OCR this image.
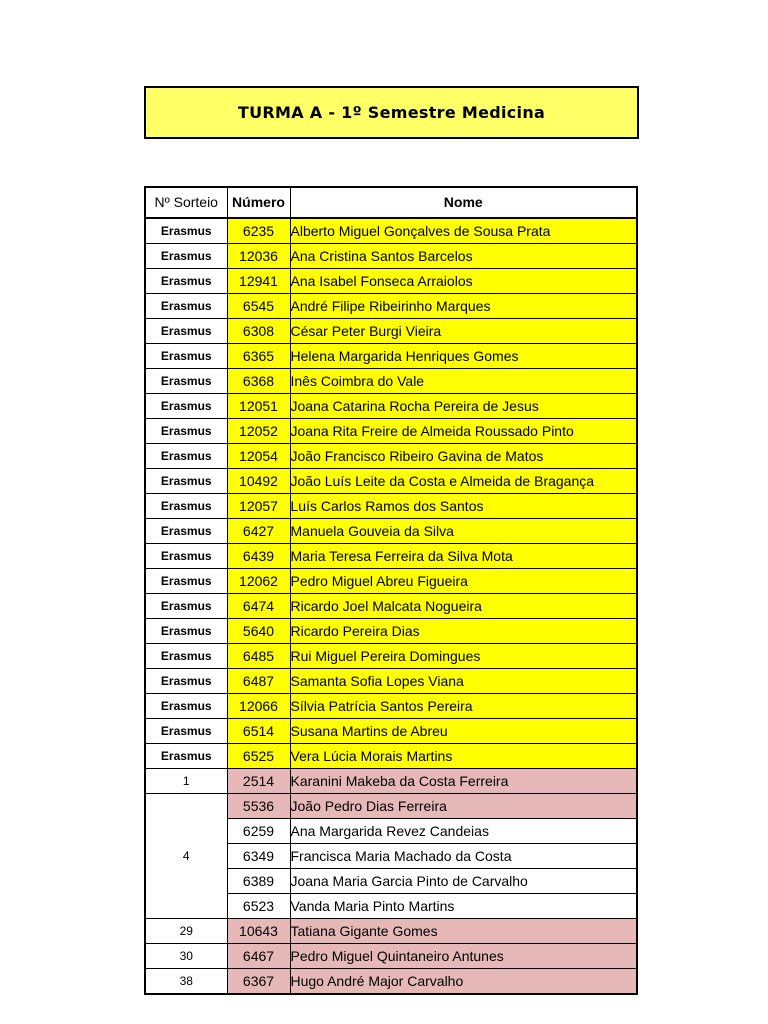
TURMA A - 1º Semestre Medicina
Nº Sorteio	Número	Nome
Erasmus	6235	Alberto Miguel Gonçalves de Sousa Prata
Erasmus	12036	Ana Cristina Santos Barcelos
Erasmus	12941	Ana Isabel Fonseca Arraiolos
Erasmus	6545	André Filipe Ribeirinho Marques
Erasmus	6308	César Peter Burgi Vieira
Erasmus	6365	Helena Margarida Henriques Gomes
Erasmus	6368	Inês Coimbra do Vale
Erasmus	12051	Joana Catarina Rocha Pereira de Jesus
Erasmus	12052	Joana Rita Freire de Almeida Roussado Pinto
Erasmus	12054	João Francisco Ribeiro Gavina de Matos
Erasmus	10492	João Luís Leite da Costa e Almeida de Bragança
Erasmus	12057	Luís Carlos Ramos dos Santos
Erasmus	6427	Manuela Gouveia da Silva
Erasmus	6439	Maria Teresa Ferreira da Silva Mota
Erasmus	12062	Pedro Miguel Abreu Figueira
Erasmus	6474	Ricardo Joel Malcata Nogueira
Erasmus	5640	Ricardo Pereira Dias
Erasmus	6485	Rui Miguel Pereira Domingues
Erasmus	6487	Samanta Sofia Lopes Viana
Erasmus	12066	Sílvia Patrícia Santos Pereira
Erasmus	6514	Susana Martins de Abreu
Erasmus	6525	Vera Lúcia Morais Martins
1	2514	Karanini Makeba da Costa Ferreira
4	5536	João Pedro Dias Ferreira
	6259	Ana Margarida Revez Candeias
	6349	Francisca Maria Machado da Costa
	6389	Joana Maria Garcia Pinto de Carvalho
	6523	Vanda Maria Pinto Martins
29	10643	Tatiana Gigante Gomes
30	6467	Pedro Miguel Quintaneiro Antunes
38	6367	Hugo André Major Carvalho
